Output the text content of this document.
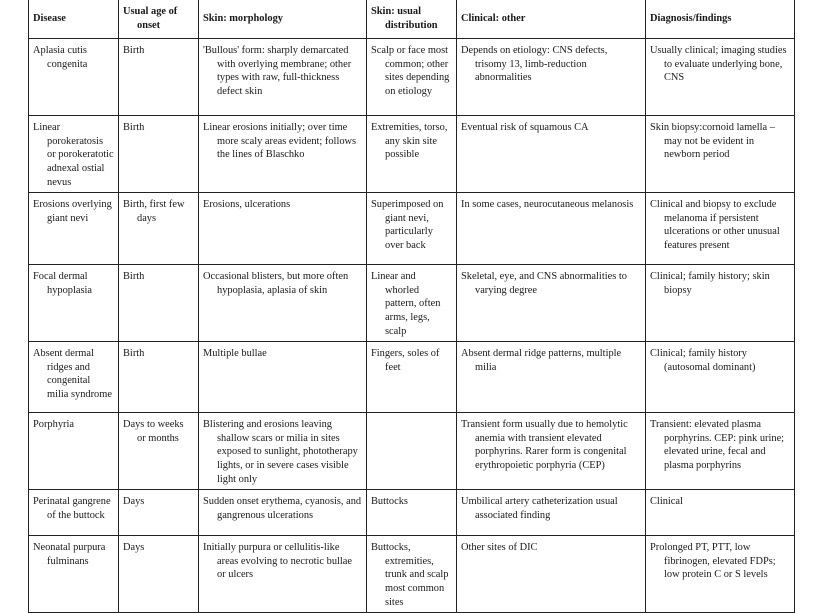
Disease	Usual age of onset	Skin: morphology	Skin: usual distribution	Clinical: other	Diagnosis/findings

Aplasia cutis congenita	Birth	'Bullous' form: sharply demarcated with overlying membrane; other types with raw, full-thickness defect skin	Scalp or face most common; other sites depending on etiology	Depends on etiology: CNS defects, trisomy 13, limb-reduction abnormalities	Usually clinical; imaging studies to evaluate underlying bone, CNS

Linear porokeratosis or porokeratotic adnexal ostial nevus	Birth	Linear erosions initially; over time more scaly areas evident; follows the lines of Blaschko	Extremities, torso, any skin site possible	Eventual risk of squamous CA	Skin biopsy:cornoid lamella – may not be evident in newborn period

Erosions overlying giant nevi	Birth, first few days	Erosions, ulcerations	Superimposed on giant nevi, particularly over back	In some cases, neurocutaneous melanosis	Clinical and biopsy to exclude melanoma if persistent ulcerations or other unusual features present

Focal dermal hypoplasia	Birth	Occasional blisters, but more often hypoplasia, aplasia of skin	Linear and whorled pattern, often arms, legs, scalp	Skeletal, eye, and CNS abnormalities to varying degree	Clinical; family history; skin biopsy

Absent dermal ridges and congenital milia syndrome	Birth	Multiple bullae	Fingers, soles of feet	Absent dermal ridge patterns, multiple milia	Clinical; family history (autosomal dominant)

Porphyria	Days to weeks or months	Blistering and erosions leaving shallow scars or milia in sites exposed to sunlight, phototherapy lights, or in severe cases visible light only		Transient form usually due to hemolytic anemia with transient elevated porphyrins. Rarer form is congenital erythropoietic porphyria (CEP)	Transient: elevated plasma porphyrins. CEP: pink urine; elevated urine, fecal and plasma porphyrins

Perinatal gangrene of the buttock	Days	Sudden onset erythema, cyanosis, and gangrenous ulcerations	Buttocks	Umbilical artery catheterization usual associated finding	Clinical

Neonatal purpura fulminans	Days	Initially purpura or cellulitis-like areas evolving to necrotic bullae or ulcers	Buttocks, extremities, trunk and scalp most common sites	Other sites of DIC	Prolonged PT, PTT, low fibrinogen, elevated FDPs; low protein C or S levels
